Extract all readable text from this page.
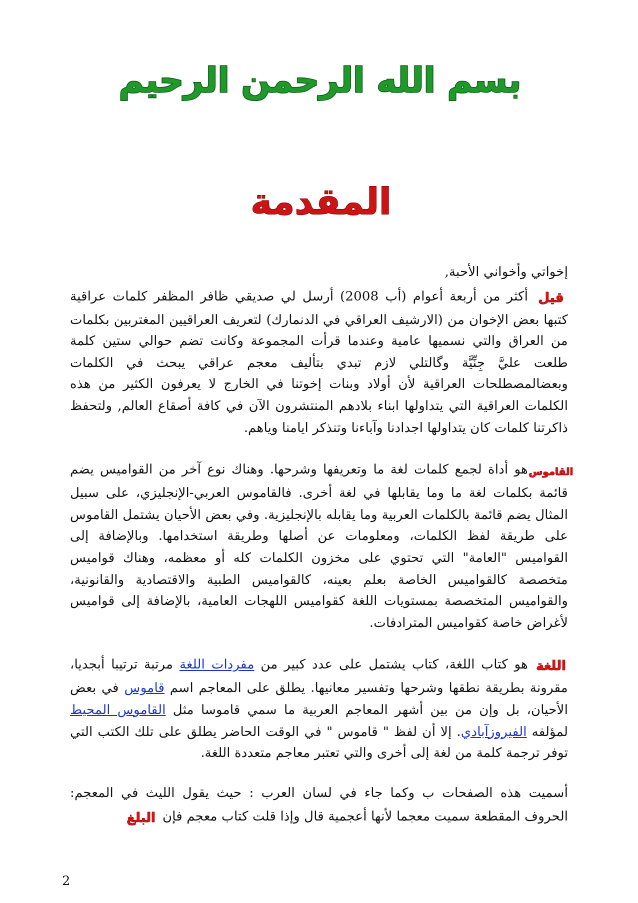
بسم الله الرحمن الرحيم
المقدمة

إخواتي وأخواني الأحبة,

قيل
أكثر من أربعة أعوام (أب 2008) أرسل لي صديقي ظافر المظفر كلمات عراقية كتبها بعض الإخوان من (الارشيف العراقي في الدنمارك) لتعريف العراقيين المغتربين بكلمات من العراق والتي نسميها عامية وعندما قرأت المجموعة وكانت تضم حوالي ستين كلمة طلعت عليَّ جِنِّيَّة وگالتلي لازم تبدي بتأليف معجم عراقي يبحث في الكلمات وبعضالمصطلحات العراقية لأن أولاد وبنات إخوتنا في الخارج لا يعرفون الكثير من هذه الكلمات العراقية التي يتداولها ابناء بلادهم المنتشرون الآن في كافة أصقاع العالم, ولتحفظ ذاكرتنا كلمات كان يتداولها اجدادنا وآباءنا وتنذكر ايامنا وياهم.

القاموس
هو أداة لجمع كلمات لغة ما وتعريفها وشرحها. وهناك نوع آخر من القواميس يضم قائمة بكلمات لغة ما وما يقابلها في لغة أخرى. فالقاموس العربي-الإنجليزي، على سبيل المثال يضم قائمة بالكلمات العربية وما يقابله بالإنجليزية. وفي بعض الأحيان يشتمل القاموس على طريقة لفظ الكلمات، ومعلومات عن أصلها وطريقة استخدامها. وبالإضافة إلى القواميس "العامة" التي تحتوي على مخزون الكلمات كله أو معظمه، وهناك قواميس متخصصة كالقواميس الخاصة بعلم بعينه، كالقواميس الطبية والاقتصادية والقانونية، والقواميس المتخصصة بمستويات اللغة كقواميس اللهجات العامية، بالإضافة إلى قواميس لأغراض خاصة كقواميس المترادفات.

اللغة
هو كتاب اللغة، كتاب يشتمل على عدد كبير من مفردات اللغة مرتبة ترتيبا أبجديا، مقرونة بطريقة نطقها وشرحها وتفسير معانيها. يطلق على المعاجم اسم قاموس في بعض الأحيان، بل وإن من بين أشهر المعاجم العربية ما سمي قاموسا مثل القاموس المحيط لمؤلفه الفيروزآبادي. إلا أن لفظ " قاموس " في الوقت الحاضر يطلق على تلك الكتب التي توفر ترجمة كلمة من لغة إلى أخرى والتي تعتبر معاجم متعددة اللغة.

أسميت هذه الصفحات ب وكما جاء في لسان العرب : حيث يقول الليث في المعجم: الحروف المقطعة سميت معجما لأنها أعجمية قال وإذا قلت كتاب معجم فإن
البلغ

2
